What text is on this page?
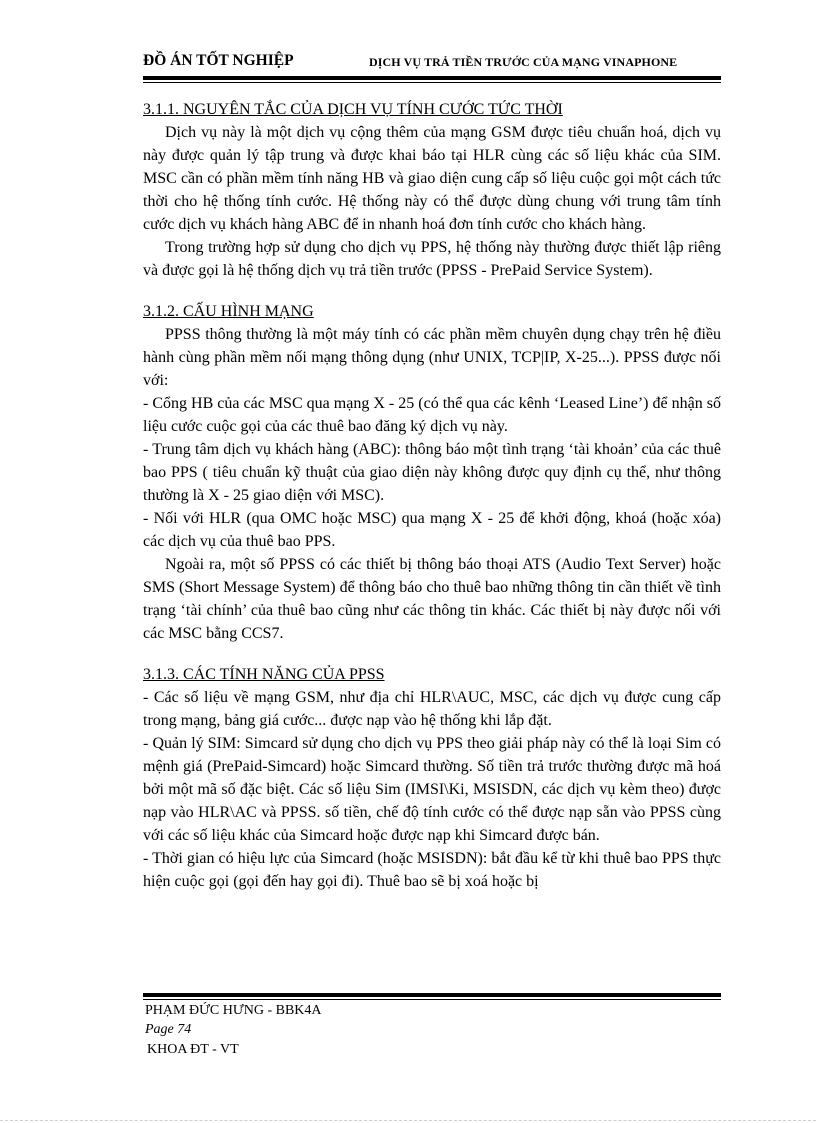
ĐỒ ÁN TỐT NGHIỆP	DỊCH VỤ TRẢ TIỀN TRƯỚC CỦA MẠNG VINAPHONE

3.1.1. NGUYÊN TẮC CỦA DỊCH VỤ TÍNH CƯỚC TỨC THỜI

Dịch vụ này là một dịch vụ cộng thêm của mạng GSM được tiêu chuẩn hoá, dịch vụ này được quản lý tập trung và được khai báo tại HLR cùng các số liệu khác của SIM. MSC cần có phần mềm tính năng HB và giao diện cung cấp số liệu cuộc gọi một cách tức thời cho hệ thống tính cước. Hệ thống này có thể được dùng chung với trung tâm tính cước dịch vụ khách hàng ABC để in nhanh hoá đơn tính cước cho khách hàng.

Trong trường hợp sử dụng cho dịch vụ PPS, hệ thống này thường được thiết lập riêng và được gọi là hệ thống dịch vụ trả tiền trước (PPSS - PrePaid Service System).

3.1.2. CẤU HÌNH MẠNG

PPSS thông thường là một máy tính có các phần mềm chuyên dụng chạy trên hệ điều hành cùng phần mềm nối mạng thông dụng (như UNIX, TCP|IP, X-25...). PPSS được nối với:

- Cổng HB của các MSC qua mạng X - 25 (có thể qua các kênh ‘Leased Line’) để nhận số liệu cước cuộc gọi của các thuê bao đăng ký dịch vụ này.

- Trung tâm dịch vụ khách hàng (ABC): thông báo một tình trạng ‘tài khoản’ của các thuê bao PPS ( tiêu chuẩn kỹ thuật của giao diện này không được quy định cụ thể, như thông thường là X - 25 giao diện với MSC).

- Nối với HLR (qua OMC hoặc MSC) qua mạng X - 25 để khởi động, khoá (hoặc xóa) các dịch vụ của thuê bao PPS.

Ngoài ra, một số PPSS có các thiết bị thông báo thoại ATS (Audio Text Server) hoặc SMS (Short Message System) để thông báo cho thuê bao những thông tin cần thiết về tình trạng ‘tài chính’ của thuê bao cũng như các thông tin khác. Các thiết bị này được nối với các MSC bằng CCS7.

3.1.3. CÁC TÍNH NĂNG CỦA PPSS

- Các số liệu về mạng GSM, như địa chỉ HLR\AUC, MSC, các dịch vụ được cung cấp trong mạng, bảng giá cước... được nạp vào hệ thống khi lắp đặt.

- Quản lý SIM: Simcard sử dụng cho dịch vụ PPS theo giải pháp này có thể là loại Sim có mệnh giá (PrePaid-Simcard) hoặc Simcard thường. Số tiền trả trước thường được mã hoá bởi một mã số đặc biệt. Các số liệu Sim (IMSI\Ki, MSISDN, các dịch vụ kèm theo) được nạp vào HLR\AC và PPSS. số tiền, chế độ tính cước có thể được nạp sẵn vào PPSS cùng với các số liệu khác của Simcard hoặc được nạp khi Simcard được bán.

- Thời gian có hiệu lực của Simcard (hoặc MSISDN): bắt đầu kể từ khi thuê bao PPS thực hiện cuộc gọi (gọi đến hay gọi đi). Thuê bao sẽ bị xoá hoặc bị

PHẠM ĐỨC HƯNG - BBK4A
Page 74
KHOA ĐT - VT
